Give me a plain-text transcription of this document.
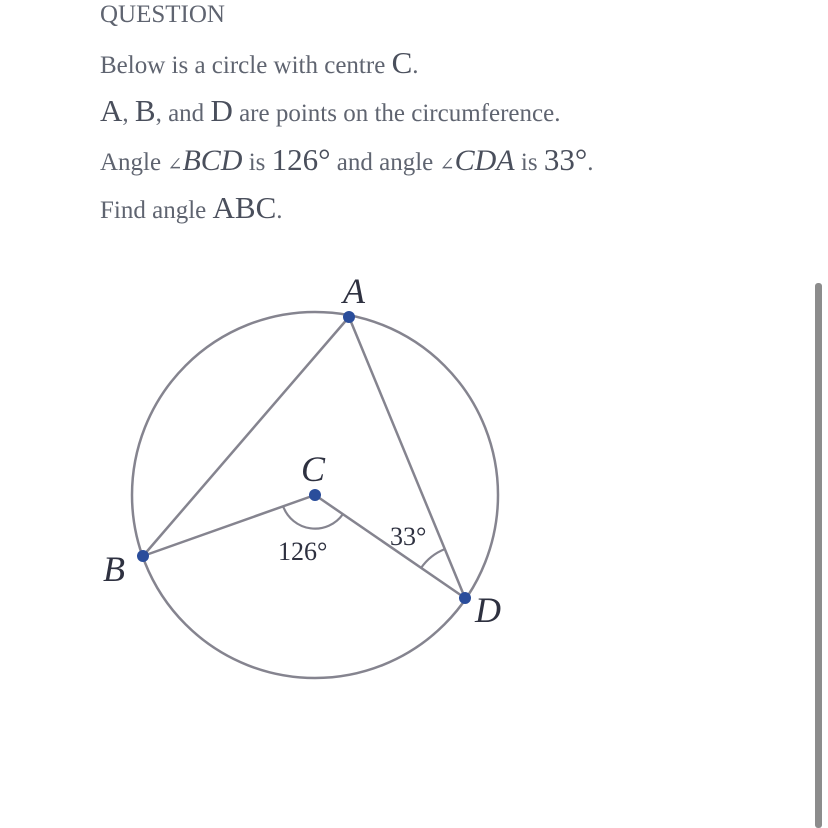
QUESTION
Below is a circle with centre C.
A, B, and D are points on the circumference.
Angle ∠BCD is 126° and angle ∠CDA is 33°.
Find angle ABC.
A
B
C
D
126°
33°
